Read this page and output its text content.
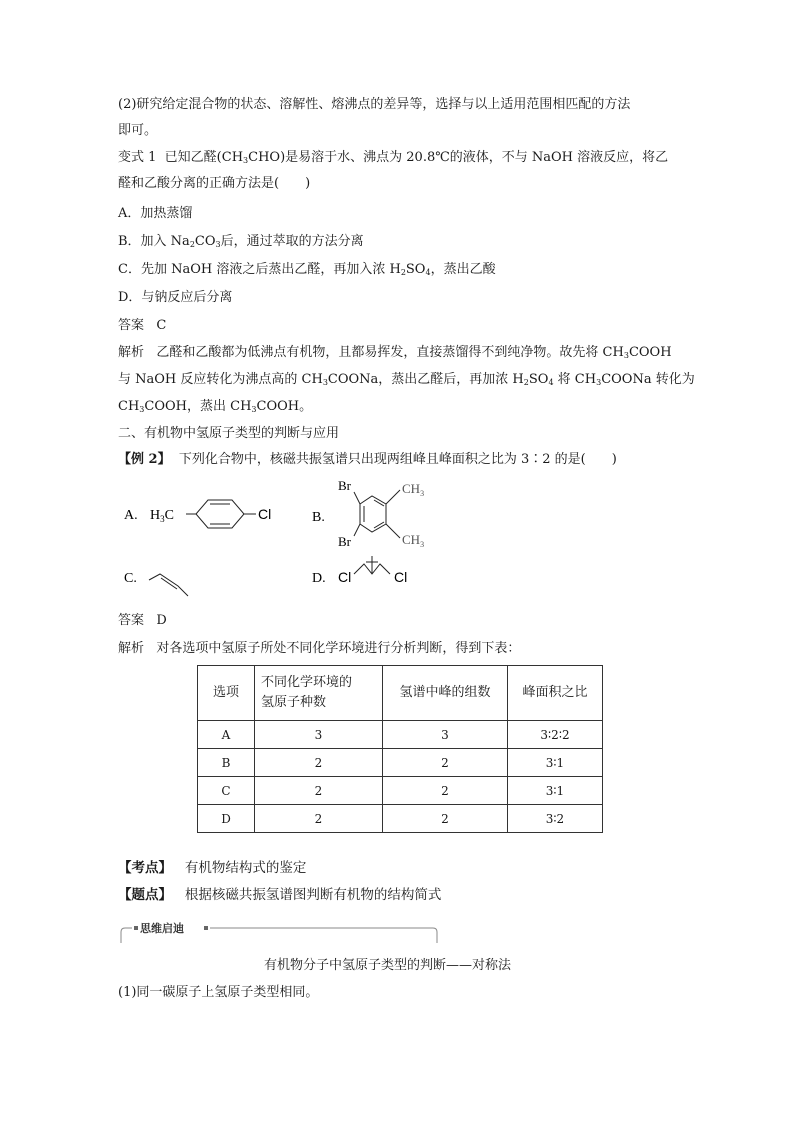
(2)研究给定混合物的状态、溶解性、熔沸点的差异等，选择与以上适用范围相匹配的方法
即可。
变式 1 已知乙醛$(CH_3CHO)$是易溶于水、沸点为 20.8℃的液体，不与 NaOH 溶液反应，将乙
醛和乙酸分离的正确方法是(　　)
A．加热蒸馏
B．加入 $Na_2CO_3$后，通过萃取的方法分离
C．先加 NaOH 溶液之后蒸出乙醛，再加入浓 $H_2SO_4$，蒸出乙酸
D．与钠反应后分离
答案 C
解析 乙醛和乙酸都为低沸点有机物，且都易挥发，直接蒸馏得不到纯净物。故先将 $CH_3COOH$
与 NaOH 反应转化为沸点高的 $CH_3COONa$，蒸出乙醛后，再加浓 $H_2SO_4$ 将 $CH_3COONa$ 转化为
$CH_3COOH$，蒸出 $CH_3COOH$。
二、有机物中氢原子类型的判断与应用
【例 2】 下列化合物中，核磁共振氢谱只出现两组峰且峰面积之比为 3∶2 的是(　　)
A. $H_3C$	Cl	B.
Br
Br
$CH_3$
$CH_3$
C.	D. Cl	Cl
答案 D
解析 对各选项中氢原子所处不同化学环境进行分析判断，得到下表：
选项	不同化学环境的
氢原子种数	氢谱中峰的组数	峰面积之比
A	3	3	3∶2∶2
B	2	2	3∶1
C	2	2	3∶1
D	2	2	3∶2
【考点】 有机物结构式的鉴定
【题点】 根据核磁共振氢谱图判断有机物的结构简式
思维启迪
有机物分子中氢原子类型的判断——对称法
(1)同一碳原子上氢原子类型相同。
